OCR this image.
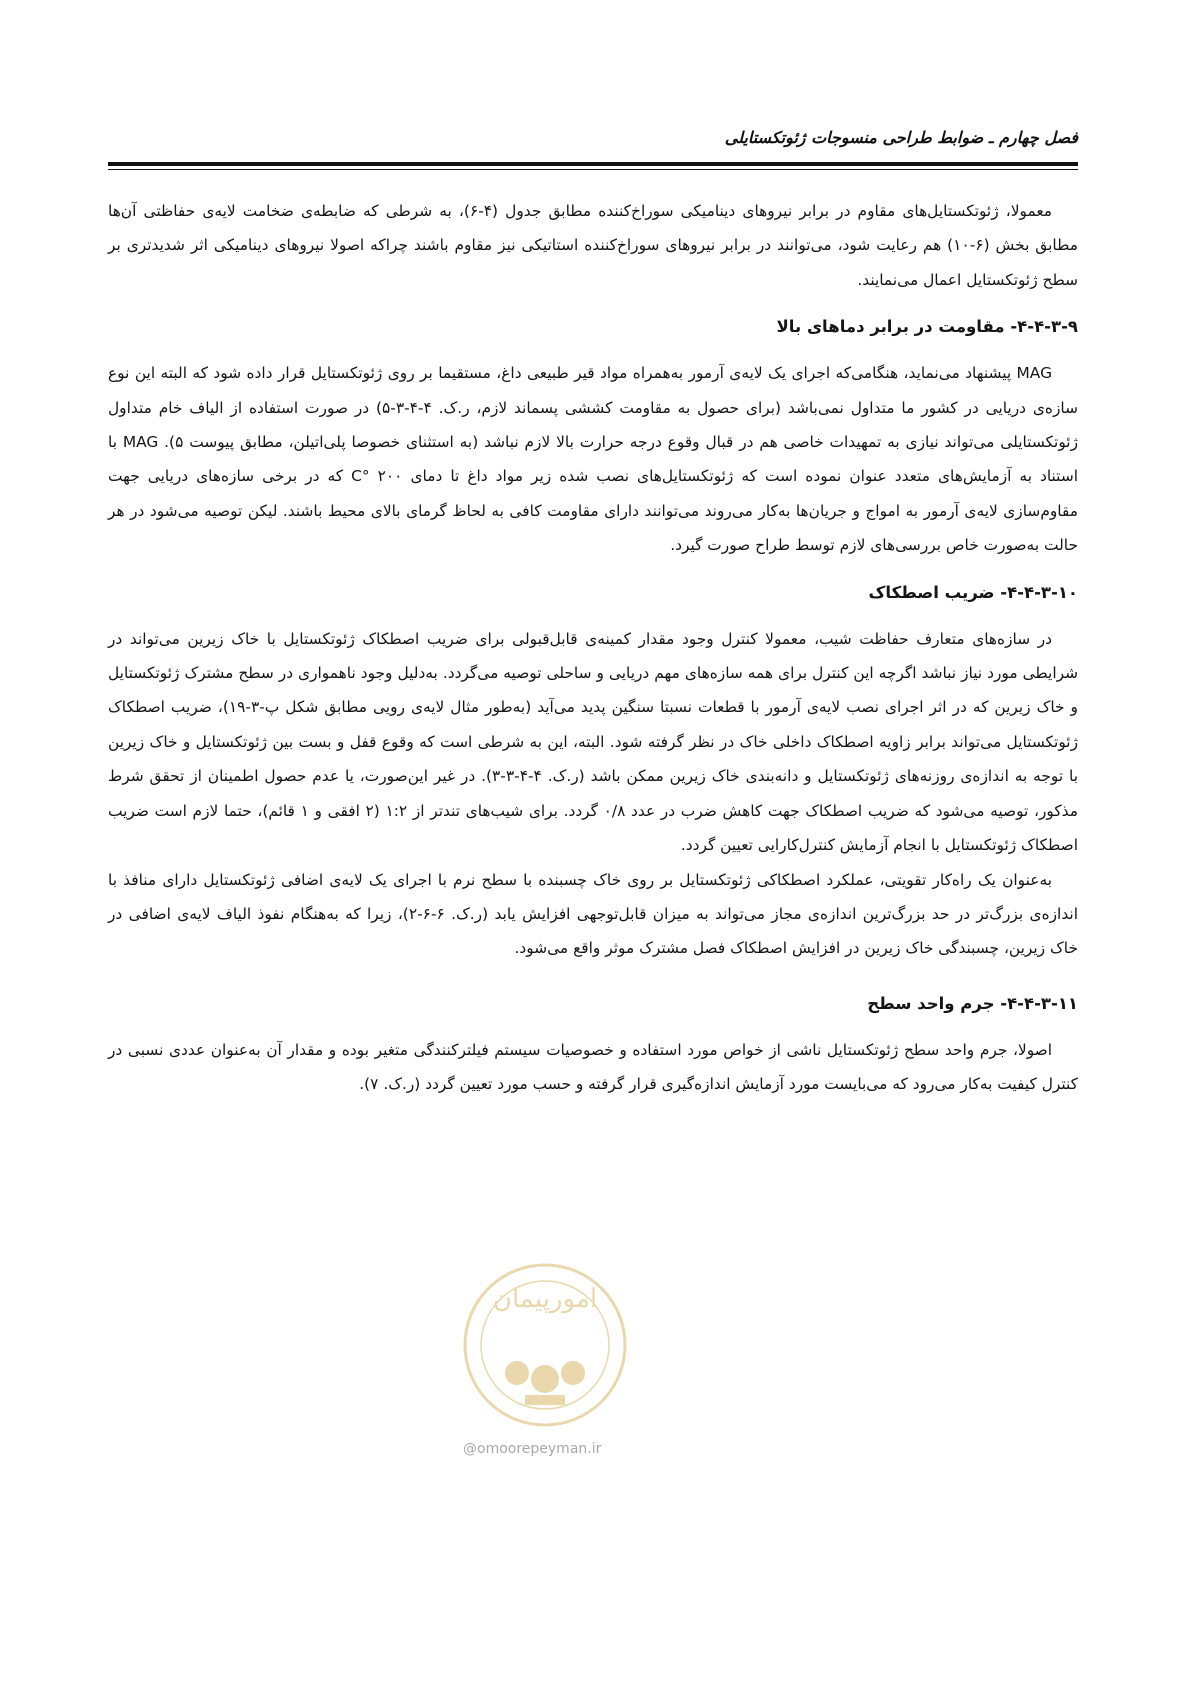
فصل چهارم ـ ضوابط طراحی منسوجات ژئوتکستایلی

معمولا، ژئوتکستایل‌های مقاوم در برابر نیروهای دینامیکی سوراخ‌کننده مطابق جدول (۴-۶)، به شرطی که ضابطه‌ی ضخامت لایه‌ی حفاظتی آن‌ها مطابق بخش (۶-۱۰) هم رعایت شود، می‌توانند در برابر نیروهای سوراخ‌کننده استاتیکی نیز مقاوم باشند چراکه اصولا نیروهای دینامیکی اثر شدیدتری بر سطح ژئوتکستایل اعمال می‌نمایند.

۴-۴-۳-۹- مقاومت در برابر دماهای بالا

MAG پیشنهاد می‌نماید، هنگامی‌که اجرای یک لایه‌ی آرمور به‌همراه مواد قیر طبیعی داغ، مستقیما بر روی ژئوتکستایل قرار داده شود که البته این نوع سازه‌ی دریایی در کشور ما متداول نمی‌باشد (برای حصول به مقاومت کششی پسماند لازم، ر.ک. ۴-۴-۳-۵) در صورت استفاده از الیاف خام متداول ژئوتکستایلی می‌تواند نیازی به تمهیدات خاصی هم در قبال وقوع درجه حرارت بالا لازم نباشد (به استثنای خصوصا پلی‌اتیلن، مطابق پیوست ۵). MAG با استناد به آزمایش‌های متعدد عنوان نموده است که ژئوتکستایل‌های نصب شده زیر مواد داغ تا دمای ۲۰۰ °C که در برخی سازه‌های دریایی جهت مقاوم‌سازی لایه‌ی آرمور به امواج و جریان‌ها به‌کار می‌روند می‌توانند دارای مقاومت کافی به لحاظ گرمای بالای محیط باشند. لیکن توصیه می‌شود در هر حالت به‌صورت خاص بررسی‌های لازم توسط طراح صورت گیرد.

۴-۴-۳-۱۰- ضریب اصطکاک

در سازه‌های متعارف حفاظت شیب، معمولا کنترل وجود مقدار کمینه‌ی قابل‌قبولی برای ضریب اصطکاک ژئوتکستایل با خاک زیرین می‌تواند در شرایطی مورد نیاز نباشد اگرچه این کنترل برای همه سازه‌های مهم دریایی و ساحلی توصیه می‌گردد. به‌دلیل وجود ناهمواری در سطح مشترک ژئوتکستایل و خاک زیرین که در اثر اجرای نصب لایه‌ی آرمور با قطعات نسبتا سنگین پدید می‌آید (به‌طور مثال لایه‌ی رویی مطابق شکل پ-۳-۱۹)، ضریب اصطکاک ژئوتکستایل می‌تواند برابر زاویه اصطکاک داخلی خاک در نظر گرفته شود. البته، این به شرطی است که وقوع قفل و بست بین ژئوتکستایل و خاک زیرین با توجه به اندازه‌ی روزنه‌های ژئوتکستایل و دانه‌بندی خاک زیرین ممکن باشد (ر.ک. ۴-۴-۳-۳). در غیر این‌صورت، یا عدم حصول اطمینان از تحقق شرط مذکور، توصیه می‌شود که ضریب اصطکاک جهت کاهش ضرب در عدد ۰/۸ گردد. برای شیب‌های تندتر از ۱:۲ (۲ افقی و ۱ قائم)، حتما لازم است ضریب اصطکاک ژئوتکستایل با انجام آزمایش کنترل‌کارایی تعیین گردد.

به‌عنوان یک راه‌کار تقویتی، عملکرد اصطکاکی ژئوتکستایل بر روی خاک چسبنده با سطح نرم با اجرای یک لایه‌ی اضافی ژئوتکستایل دارای منافذ با اندازه‌ی بزرگ‌تر در حد بزرگ‌ترین اندازه‌ی مجاز می‌تواند به میزان قابل‌توجهی افزایش یابد (ر.ک. ۶-۶-۲)، زیرا که به‌هنگام نفوذ الیاف لایه‌ی اضافی در خاک زیرین، چسبندگی خاک زیرین در افزایش اصطکاک فصل مشترک موثر واقع می‌شود.

۴-۴-۳-۱۱- جرم واحد سطح

اصولا، جرم واحد سطح ژئوتکستایل ناشی از خواص مورد استفاده و خصوصیات سیستم فیلترکنندگی متغیر بوده و مقدار آن به‌عنوان عددی نسبی در کنترل کیفیت به‌کار می‌رود که می‌بایست مورد آزمایش اندازه‌گیری قرار گرفته و حسب مورد تعیین گردد (ر.ک. ۷).

امورپیمان
@omoorepeyman.ir
